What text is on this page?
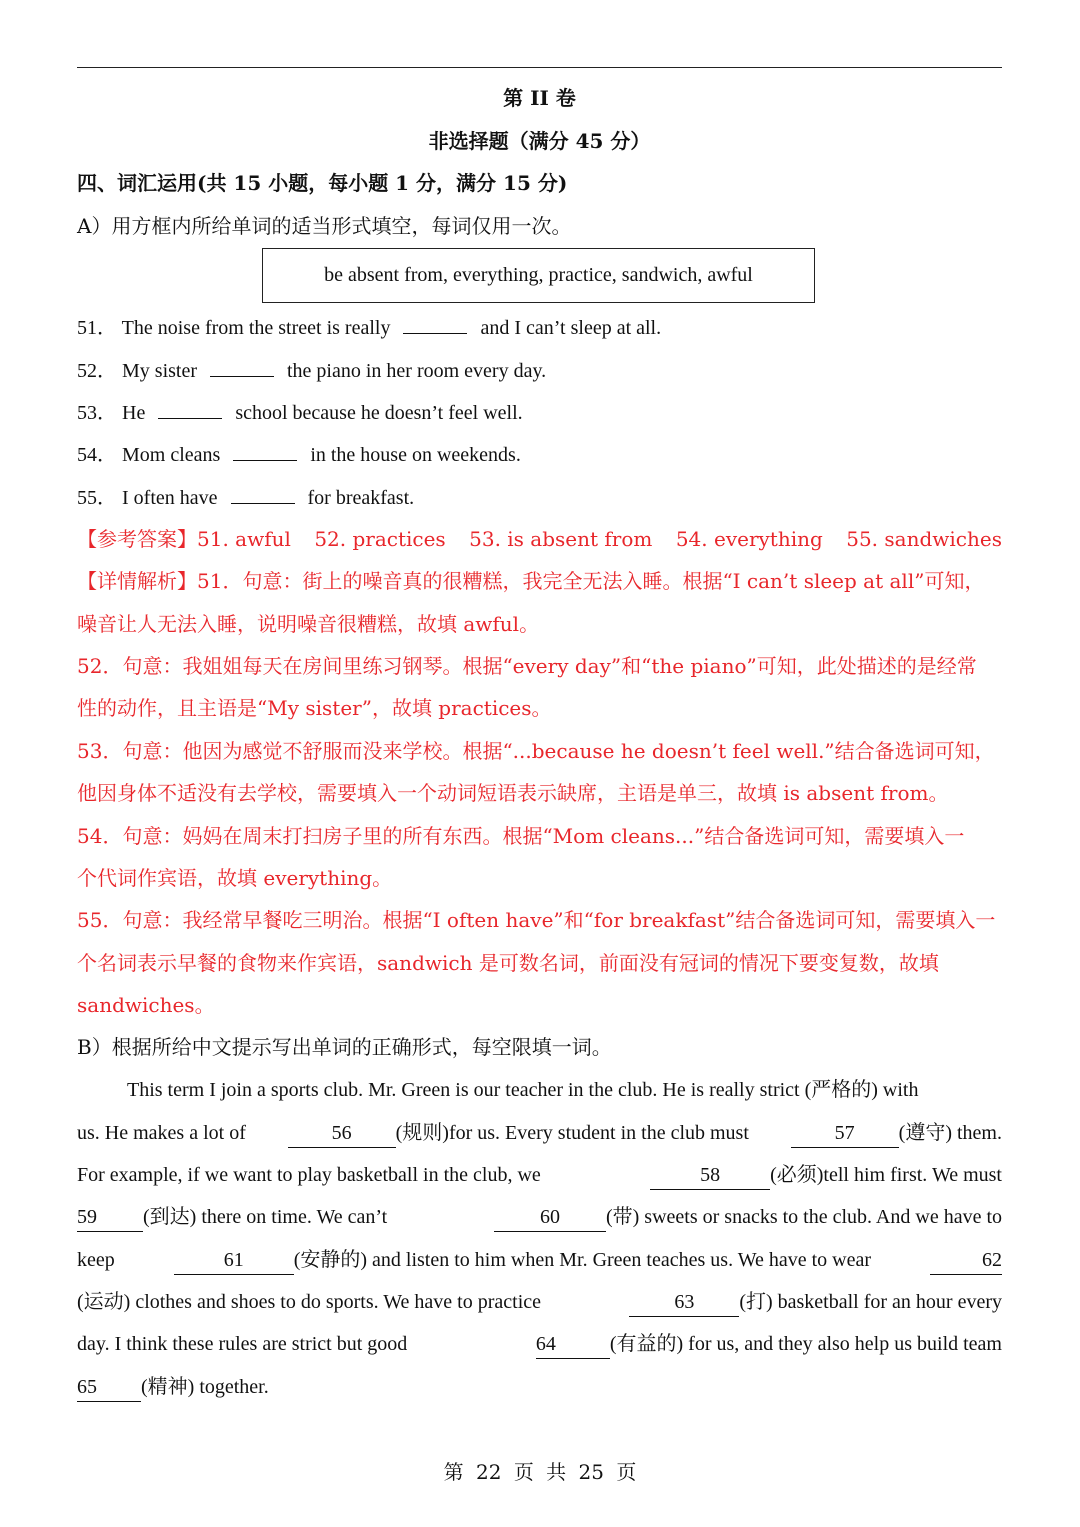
第 II 卷
非选择题（满分 45 分）
四、词汇运用(共 15 小题，每小题 1 分，满分 15 分)
A）用方框内所给单词的适当形式填空，每词仅用一次。
be absent from, everything, practice, sandwich, awful
51． The noise from the street is really	and I can’t sleep at all.
52． My sister	the piano in her room every day.
53． He	school because he doesn’t feel well.
54． Mom cleans	in the house on weekends.
55． I often have	for breakfast.
【参考答案】51. awful 52. practices 53. is absent from 54. everything 55. sandwiches
【详情解析】51．句意：街上的噪音真的很糟糕，我完全无法入睡。根据“I can’t sleep at all”可知，
噪音让人无法入睡，说明噪音很糟糕，故填 awful。
52．句意：我姐姐每天在房间里练习钢琴。根据“every day”和“the piano”可知，此处描述的是经常
性的动作，且主语是“My sister”，故填 practices。
53．句意：他因为感觉不舒服而没来学校。根据“...because he doesn’t feel well.”结合备选词可知，
他因身体不适没有去学校，需要填入一个动词短语表示缺席，主语是单三，故填 is absent from。
54．句意：妈妈在周末打扫房子里的所有东西。根据“Mom cleans...”结合备选词可知，需要填入一
个代词作宾语，故填 everything。
55．句意：我经常早餐吃三明治。根据“I often have”和“for breakfast”结合备选词可知，需要填入一
个名词表示早餐的食物来作宾语，sandwich 是可数名词，前面没有冠词的情况下要变复数，故填
sandwiches。
B）根据所给中文提示写出单词的正确形式，每空限填一词。
This term I join a sports club. Mr. Green is our teacher in the club. He is really strict (严格的) with
us. He makes a lot of	56 (规则)for us. Every student in the club must	57 (遵守) them.
For example, if we want to play basketball in the club, we	58	(必须)tell him first. We must
59 (到达) there on time. We can’t	60 (带) sweets or snacks to the club. And we have to
keep	61	(安静的) and listen to him when Mr. Green teaches us. We have to wear	62
(运动) clothes and shoes to do sports. We have to practice	63 (打) basketball for an hour every
day. I think these rules are strict but good	64	(有益的) for us, and they also help us build team
65 (精神) together.
第 22 页 共 25 页
